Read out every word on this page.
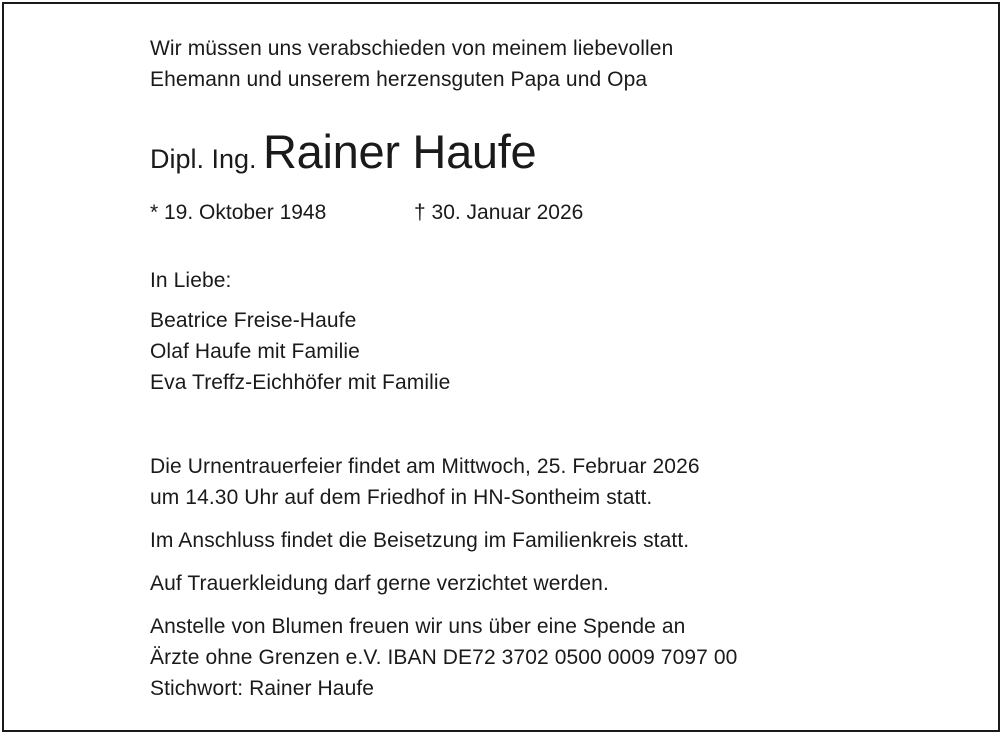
Wir müssen uns verabschieden von meinem liebevollen
Ehemann und unserem herzensguten Papa und Opa
Dipl. Ing. Rainer Haufe
* 19. Oktober 1948	† 30. Januar 2026
In Liebe:
Beatrice Freise-Haufe
Olaf Haufe mit Familie
Eva Treffz-Eichhöfer mit Familie
Die Urnentrauerfeier findet am Mittwoch, 25. Februar 2026
um 14.30 Uhr auf dem Friedhof in HN-Sontheim statt.
Im Anschluss findet die Beisetzung im Familienkreis statt.
Auf Trauerkleidung darf gerne verzichtet werden.
Anstelle von Blumen freuen wir uns über eine Spende an
Ärzte ohne Grenzen e.V. IBAN DE72 3702 0500 0009 7097 00
Stichwort: Rainer Haufe
